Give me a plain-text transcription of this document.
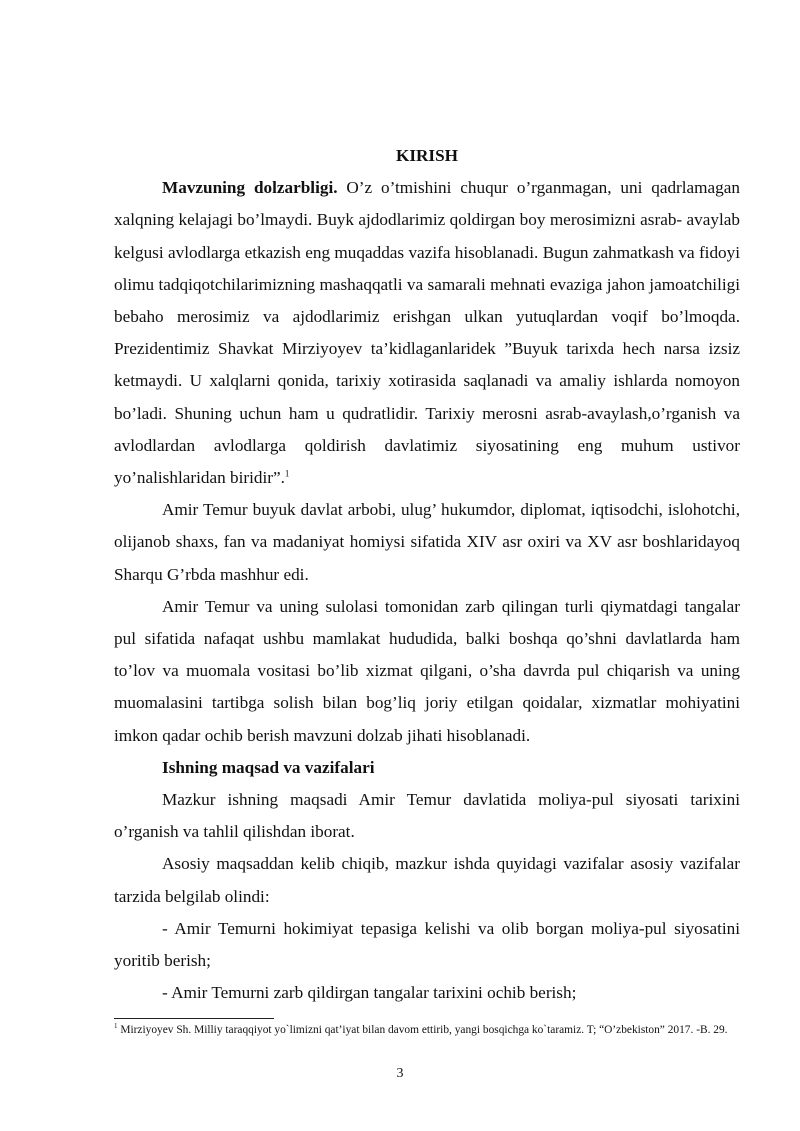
KIRISH

Mavzuning dolzarbligi. O’z o’tmishini chuqur o’rganmagan, uni qadrlamagan xalqning kelajagi bo’lmaydi. Buyk ajdodlarimiz qoldirgan boy merosimizni asrab- avaylab kelgusi avlodlarga etkazish eng muqaddas vazifa hisoblanadi. Bugun zahmatkash va fidoyi olimu tadqiqotchilarimizning mashaqqatli va samarali mehnati evaziga jahon jamoatchiligi bebaho merosimiz va ajdodlarimiz erishgan ulkan yutuqlardan voqif bo’lmoqda. Prezidentimiz Shavkat Mirziyoyev ta’kidlaganlaridek ”Buyuk tarixda hech narsa izsiz ketmaydi. U xalqlarni qonida, tarixiy xotirasida saqlanadi va amaliy ishlarda nomoyon bo’ladi. Shuning uchun ham u qudratlidir. Tarixiy merosni asrab-avaylash,o’rganish va avlodlardan avlodlarga qoldirish davlatimiz siyosatining eng muhum ustivor yo’nalishlaridan biridir”.$^1$

Amir Temur buyuk davlat arbobi, ulug’ hukumdor, diplomat, iqtisodchi, islohotchi, olijanob shaxs, fan va madaniyat homiysi sifatida XIV asr oxiri va XV asr boshlaridayoq Sharqu G’rbda mashhur edi.

Amir Temur va uning sulolasi tomonidan zarb qilingan turli qiymatdagi tangalar pul sifatida nafaqat ushbu mamlakat hududida, balki boshqa qo’shni davlatlarda ham to’lov va muomala vositasi bo’lib xizmat qilgani, o’sha davrda pul chiqarish va uning muomalasini tartibga solish bilan bog’liq joriy etilgan qoidalar, xizmatlar mohiyatini imkon qadar ochib berish mavzuni dolzab jihati hisoblanadi.

Ishning maqsad va vazifalari

Mazkur ishning maqsadi Amir Temur davlatida moliya-pul siyosati tarixini o’rganish va tahlil qilishdan iborat.

Asosiy maqsaddan kelib chiqib, mazkur ishda quyidagi vazifalar asosiy vazifalar tarzida belgilab olindi:

- Amir Temurni hokimiyat tepasiga kelishi va olib borgan moliya-pul siyosatini yoritib berish;

- Amir Temurni zarb qildirgan tangalar tarixini ochib berish;

$^1$ Mirziyoyev Sh. Milliy taraqqiyot yo`limizni qat’iyat bilan davom ettirib, yangi bosqichga ko`taramiz. T; “O’zbekiston” 2017. -B. 29.
3
